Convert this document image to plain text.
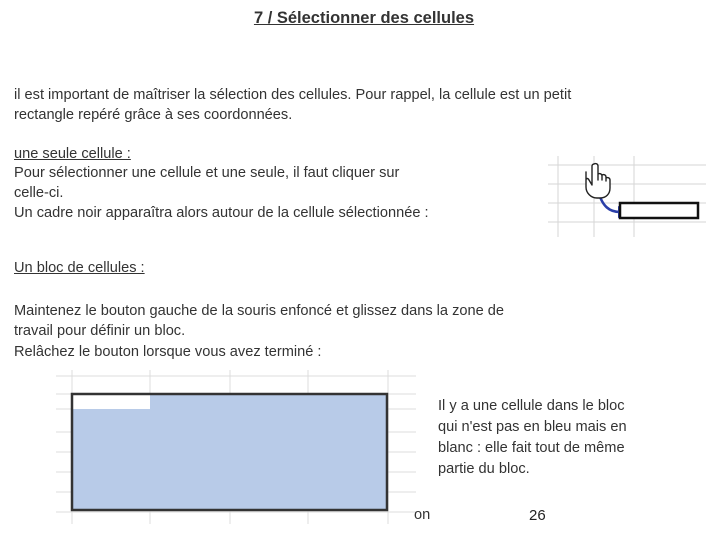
7 / Sélectionner des cellules
il est important de maîtriser la sélection des cellules. Pour rappel, la cellule est un petit
rectangle repéré grâce à ses coordonnées.
une seule cellule :
Pour sélectionner une cellule et une seule, il faut cliquer sur
celle-ci.
Un cadre noir apparaîtra alors autour de la cellule sélectionnée :
Un bloc de cellules :
Maintenez le bouton gauche de la souris enfoncé et glissez dans la zone de
travail pour définir un bloc.
Relâchez le bouton lorsque vous avez terminé :
Il y a une cellule dans le bloc
qui n'est pas en bleu mais en
blanc : elle fait tout de même
partie du bloc.
on	26
